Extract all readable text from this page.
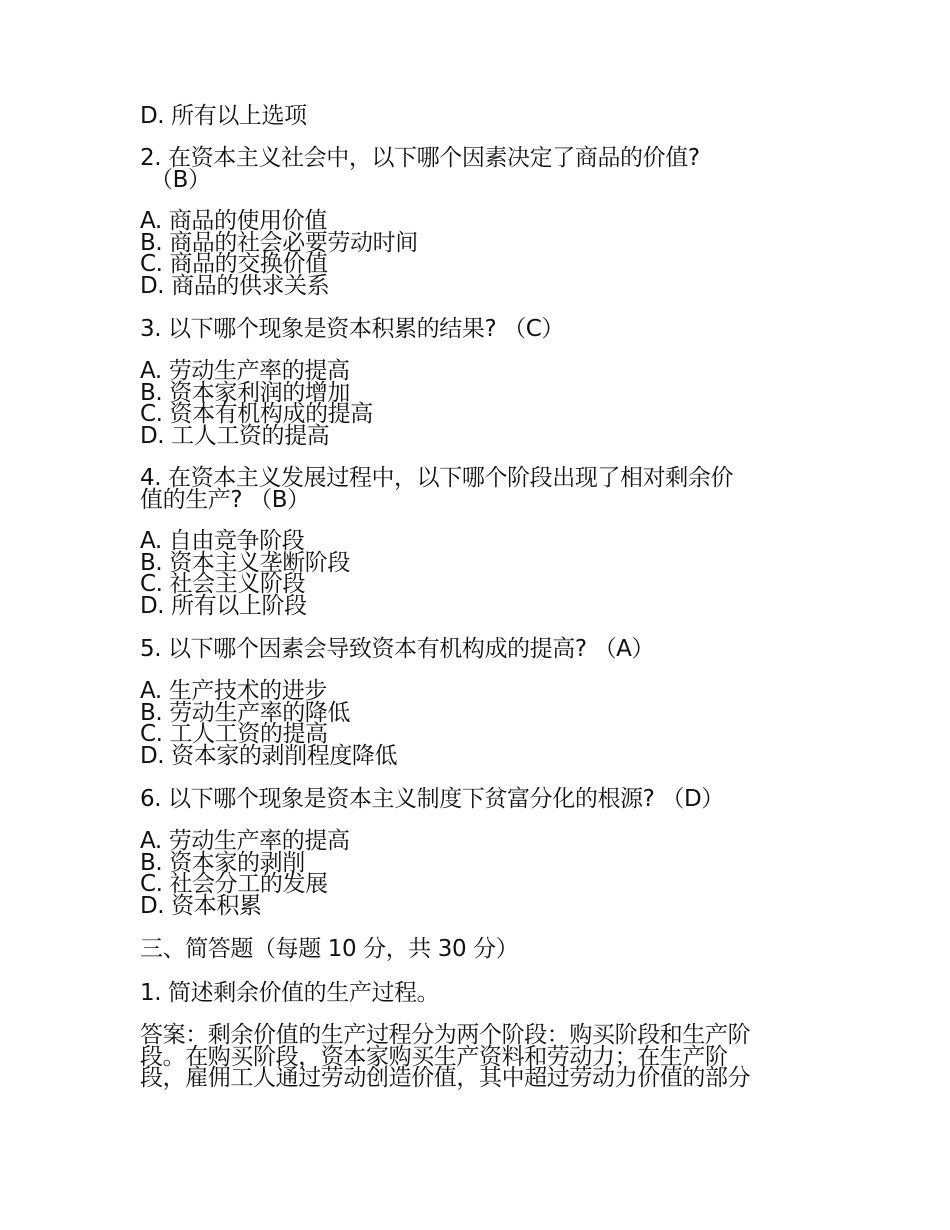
D. 所有以上选项
2. 在资本主义社会中，以下哪个因素决定了商品的价值?
（B）
A. 商品的使用价值
B. 商品的社会必要劳动时间
C. 商品的交换价值
D. 商品的供求关系
3. 以下哪个现象是资本积累的结果? （C）
A. 劳动生产率的提高
B. 资本家利润的增加
C. 资本有机构成的提高
D. 工人工资的提高
4. 在资本主义发展过程中，以下哪个阶段出现了相对剩余价
值的生产? （B）
A. 自由竞争阶段
B. 资本主义垄断阶段
C. 社会主义阶段
D. 所有以上阶段
5. 以下哪个因素会导致资本有机构成的提高? （A）
A. 生产技术的进步
B. 劳动生产率的降低
C. 工人工资的提高
D. 资本家的剥削程度降低
6. 以下哪个现象是资本主义制度下贫富分化的根源? （D）
A. 劳动生产率的提高
B. 资本家的剥削
C. 社会分工的发展
D. 资本积累
三、简答题（每题 10 分，共 30 分）
1. 简述剩余价值的生产过程。
答案：剩余价值的生产过程分为两个阶段：购买阶段和生产阶
段。在购买阶段，资本家购买生产资料和劳动力；在生产阶
段，雇佣工人通过劳动创造价值，其中超过劳动力价值的部分
